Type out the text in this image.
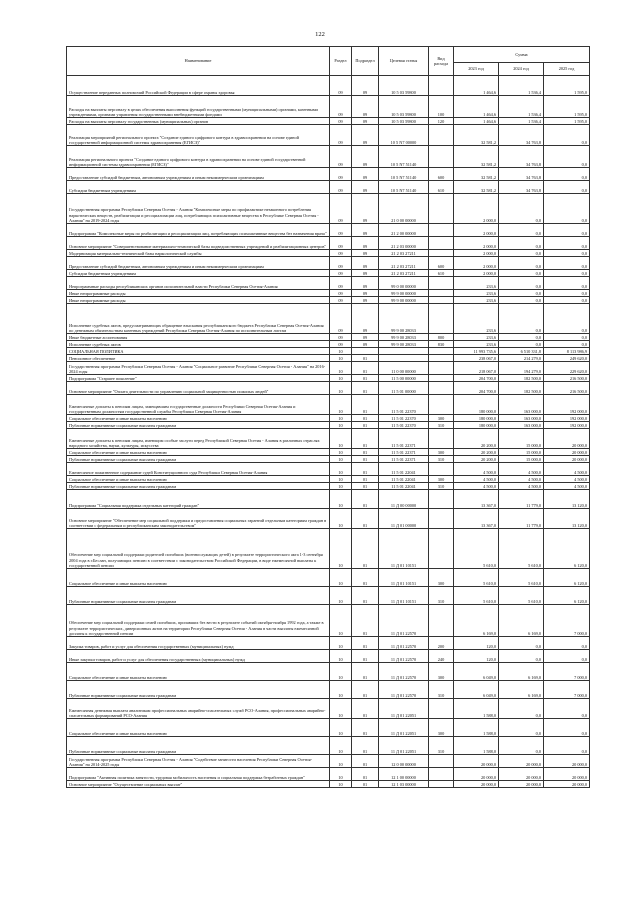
122
Наименование	Раздел	Подраздел	Целевая статья	Вид расхода	Сумма		
					2023 год	2024 год	2025 год
Осуществление переданных полномочий Российской Федерации в сфере охраны здоровья	09	09	10 5 03 59800		1 464,6	1 536,4	1 595,0
Расходы на выплаты персоналу в целях обеспечения выполнения функций государственными (муниципальными) органами, казенными учреждениями, органами управления государственными внебюджетными фондами	09	09	10 5 03 59800	100	1 464,6	1 536,4	1 595,0
Расходы на выплаты персоналу государственных (муниципальных) органов	09	09	10 5 03 59800	120	1 464,6	1 536,4	1 595,0
Реализация мероприятий регионального проекта "Создание единого цифрового контура в здравоохранении на основе единой государственной информационной системы здравоохранения (ЕГИСЗ)"	09	09	10 5 N7 00000		32 581,2	34 763,8	0,0
Реализация регионального проекта "Создание единого цифрового контура в здравоохранении на основе единой государственной информационной системы здравоохранения (ЕГИСЗ)"	09	09	10 5 N7 51140		32 581,2	34 763,8	0,0
Предоставление субсидий бюджетным, автономным учреждениям и иным некоммерческим организациям	09	09	10 5 N7 51140	600	32 581,2	34 763,8	0,0
Субсидии бюджетным учреждениям	09	09	10 5 N7 51140	610	32 581,2	34 763,8	0,0
Государственная программа Республики Северная Осетия - Алания "Комплексные меры по профилактике незаконного потребления наркотических веществ, реабилитации и ресоциализации лиц, потребляющих психоактивные вещества в Республике Северная Осетия - Алания" на 2019-2024 годы	09	09	21 0 00 00000		2 000,0	0,0	0,0
Подпрограмма "Комплексные меры по реабилитации и ресоциализации лиц, потребляющих психоактивные вещества без назначения врача"	09	09	21 2 00 00000		2 000,0	0,0	0,0
Основное мероприятие "Совершенствование материально-технической базы подведомственных учреждений и реабилитационных центров"	09	09	21 2 03 00000		2 000,0	0,0	0,0
Модернизация материально-технической базы наркологической службы	09	09	21 2 03 27211		2 000,0	0,0	0,0
Предоставление субсидий бюджетным, автономным учреждениям и иным некоммерческим организациям	09	09	21 2 03 27211	600	2 000,0	0,0	0,0
Субсидии бюджетным учреждениям	09	09	21 2 03 27211	610	2 000,0	0,0	0,0
Непрограммные расходы республиканских органов исполнительной власти Республики Северная Осетия-Алания	09	09	99 0 00 00000		233,6	0,0	0,0
Иные непрограммные расходы	09	09	99 9 00 00000		233,6	0,0	0,0
Иные непрограммные расходы	09	09	99 9 00 00000		233,6	0,0	0,0
Исполнение судебных актов, предусматривающих обращение взыскания республиканского бюджета Республики Северная Осетия-Алания по денежным обязательствам казенных учреждений Республики Северная Осетия-Алания по исполнительным листам	09	09	99 9 00 28033		233,6	0,0	0,0
Иные бюджетные ассигнования	09	09	99 9 00 28033	800	233,6	0,0	0,0
Исполнение судебных актов	09	09	99 9 00 28033	830	233,6	0,0	0,0
СОЦИАЛЬНАЯ ПОЛИТИКА	10				11 993 735,6	6 510 331,8	8 113 986,9
Пенсионное обеспечение	10	01			238 067,0	214 279,0	249 620,0
Государственная программа Республики Северная Осетия - Алания "Социальное развитие Республики Северная Осетия - Алания" на 2016-2024 годы	10	01	11 0 00 00000		218 067,0	194 279,0	229 620,0
Подпрограмма "Старшее поколение"	10	01	11 5 00 00000		204 700,0	182 500,0	216 500,0
Основное мероприятие "Оплата деятельности по управлению социальной защищенностью пожилых людей"	10	01	11 5 01 00000		204 700,0	182 500,0	216 500,0
Ежемесячные доплаты к пенсиям лицам, замещавшим государственные должности Республики Северная Осетия-Алания и государственным должностям государственной службы Республики Северная Осетия-Алания	10	01	11 5 01 22370		180 000,0	163 000,0	192 000,0
Социальное обеспечение и иные выплаты населению	10	01	11 5 01 22370	300	180 000,0	163 000,0	192 000,0
Публичные нормативные социальные выплаты гражданам	10	01	11 5 01 22370	310	180 000,0	163 000,0	192 000,0
Ежемесячные доплаты к пенсиям лицам, имеющим особые заслуги перед Республикой Северная Осетия - Алания в различных отраслях народного хозяйства, науки, культуры, искусства	10	01	11 5 01 22371		20 200,0	15 000,0	20 000,0
Социальное обеспечение и иные выплаты населению	10	01	11 5 01 22371	300	20 200,0	15 000,0	20 000,0
Публичные нормативные социальные выплаты гражданам	10	01	11 5 01 22371	310	20 200,0	15 000,0	20 000,0
Ежемесячное пожизненное содержание судей Конституционного суда Республики Северная Осетия-Алания	10	01	11 5 01 22041		4 500,0	4 500,0	4 500,0
Социальное обеспечение и иные выплаты населению	10	01	11 5 01 22041	300	4 500,0	4 500,0	4 500,0
Публичные нормативные социальные выплаты гражданам	10	01	11 5 01 22041	310	4 500,0	4 500,0	4 500,0
Подпрограмма "Социальная поддержка отдельных категорий граждан"	10	01	11 Д 00 00000		13 367,0	11 779,0	13 120,0
Основное мероприятие "Обеспечение мер социальной поддержки и предоставления социальных гарантий отдельным категориям граждан в соответствии с федеральным и республиканским законодательством"	10	01	11 Д 01 00000		13 367,0	11 779,0	13 120,0
Обеспечение мер социальной поддержки родителей погибших (военнослужащих детей) в результате террористического акта 1-3 сентября 2004 года в г.Беслан, получающих пенсию в соответствии с законодательством Российской Федерации, в виде ежемесячной выплаты к государственной пенсии	10	01	11 Д 01 10151		5 610,0	5 610,0	6 120,0
Социальное обеспечение и иные выплаты населению	10	01	11 Д 01 10151	300	5 610,0	5 610,0	6 120,0
Публичные нормативные социальные выплаты гражданам	10	01	11 Д 01 10151	310	5 610,0	5 610,0	6 120,0
Обеспечение мер социальной поддержки семей погибших, пропавших без вести в результате событий октября-ноября 1992 года, а также в результате террористических, диверсионных актов на территории Республики Северная Осетия - Алания в части выплаты ежемесячной доплаты к государственной пенсии	10	01	11 Д 01 22570		6 169,0	6 169,0	7 000,0
Закупка товаров, работ и услуг для обеспечения государственных (муниципальных) нужд	10	01	11 Д 01 22570	200	120,0	0,0	0,0
Иные закупки товаров, работ и услуг для обеспечения государственных (муниципальных) нужд	10	01	11 Д 01 22570	240	120,0	0,0	0,0
Социальное обеспечение и иные выплаты населению	10	01	11 Д 01 22570	300	6 049,0	6 169,0	7 000,0
Публичные нормативные социальные выплаты гражданам	10	01	11 Д 01 22570	310	6 049,0	6 169,0	7 000,0
Ежемесячная денежная выплата аналитикам профессиональных аварийно-спасательных служб РСО-Алания, профессиональных аварийно-спасательных формирований РСО-Алания	10	01	11 Д 01 22051		1 588,0	0,0	0,0
Социальное обеспечение и иные выплаты населению	10	01	11 Д 01 22051	300	1 588,0	0,0	0,0
Публичные нормативные социальные выплаты гражданам	10	01	11 Д 01 22051	310	1 588,0	0,0	0,0
Государственная программа Республики Северная Осетия - Алания "Содействие занятости населения Республики Северная Осетия-Алания" на 2014-2025 годы	10	01	12 0 00 00000		20 000,0	20 000,0	20 000,0
Подпрограмма "Активная политика занятости, трудовая мобильность населения и социальная поддержка безработных граждан"	10	01	12 1 00 00000		20 000,0	20 000,0	20 000,0
Основное мероприятие "Осуществление социальных выплат"	10	01	12 1 03 00000		20 000,0	20 000,0	20 000,0
